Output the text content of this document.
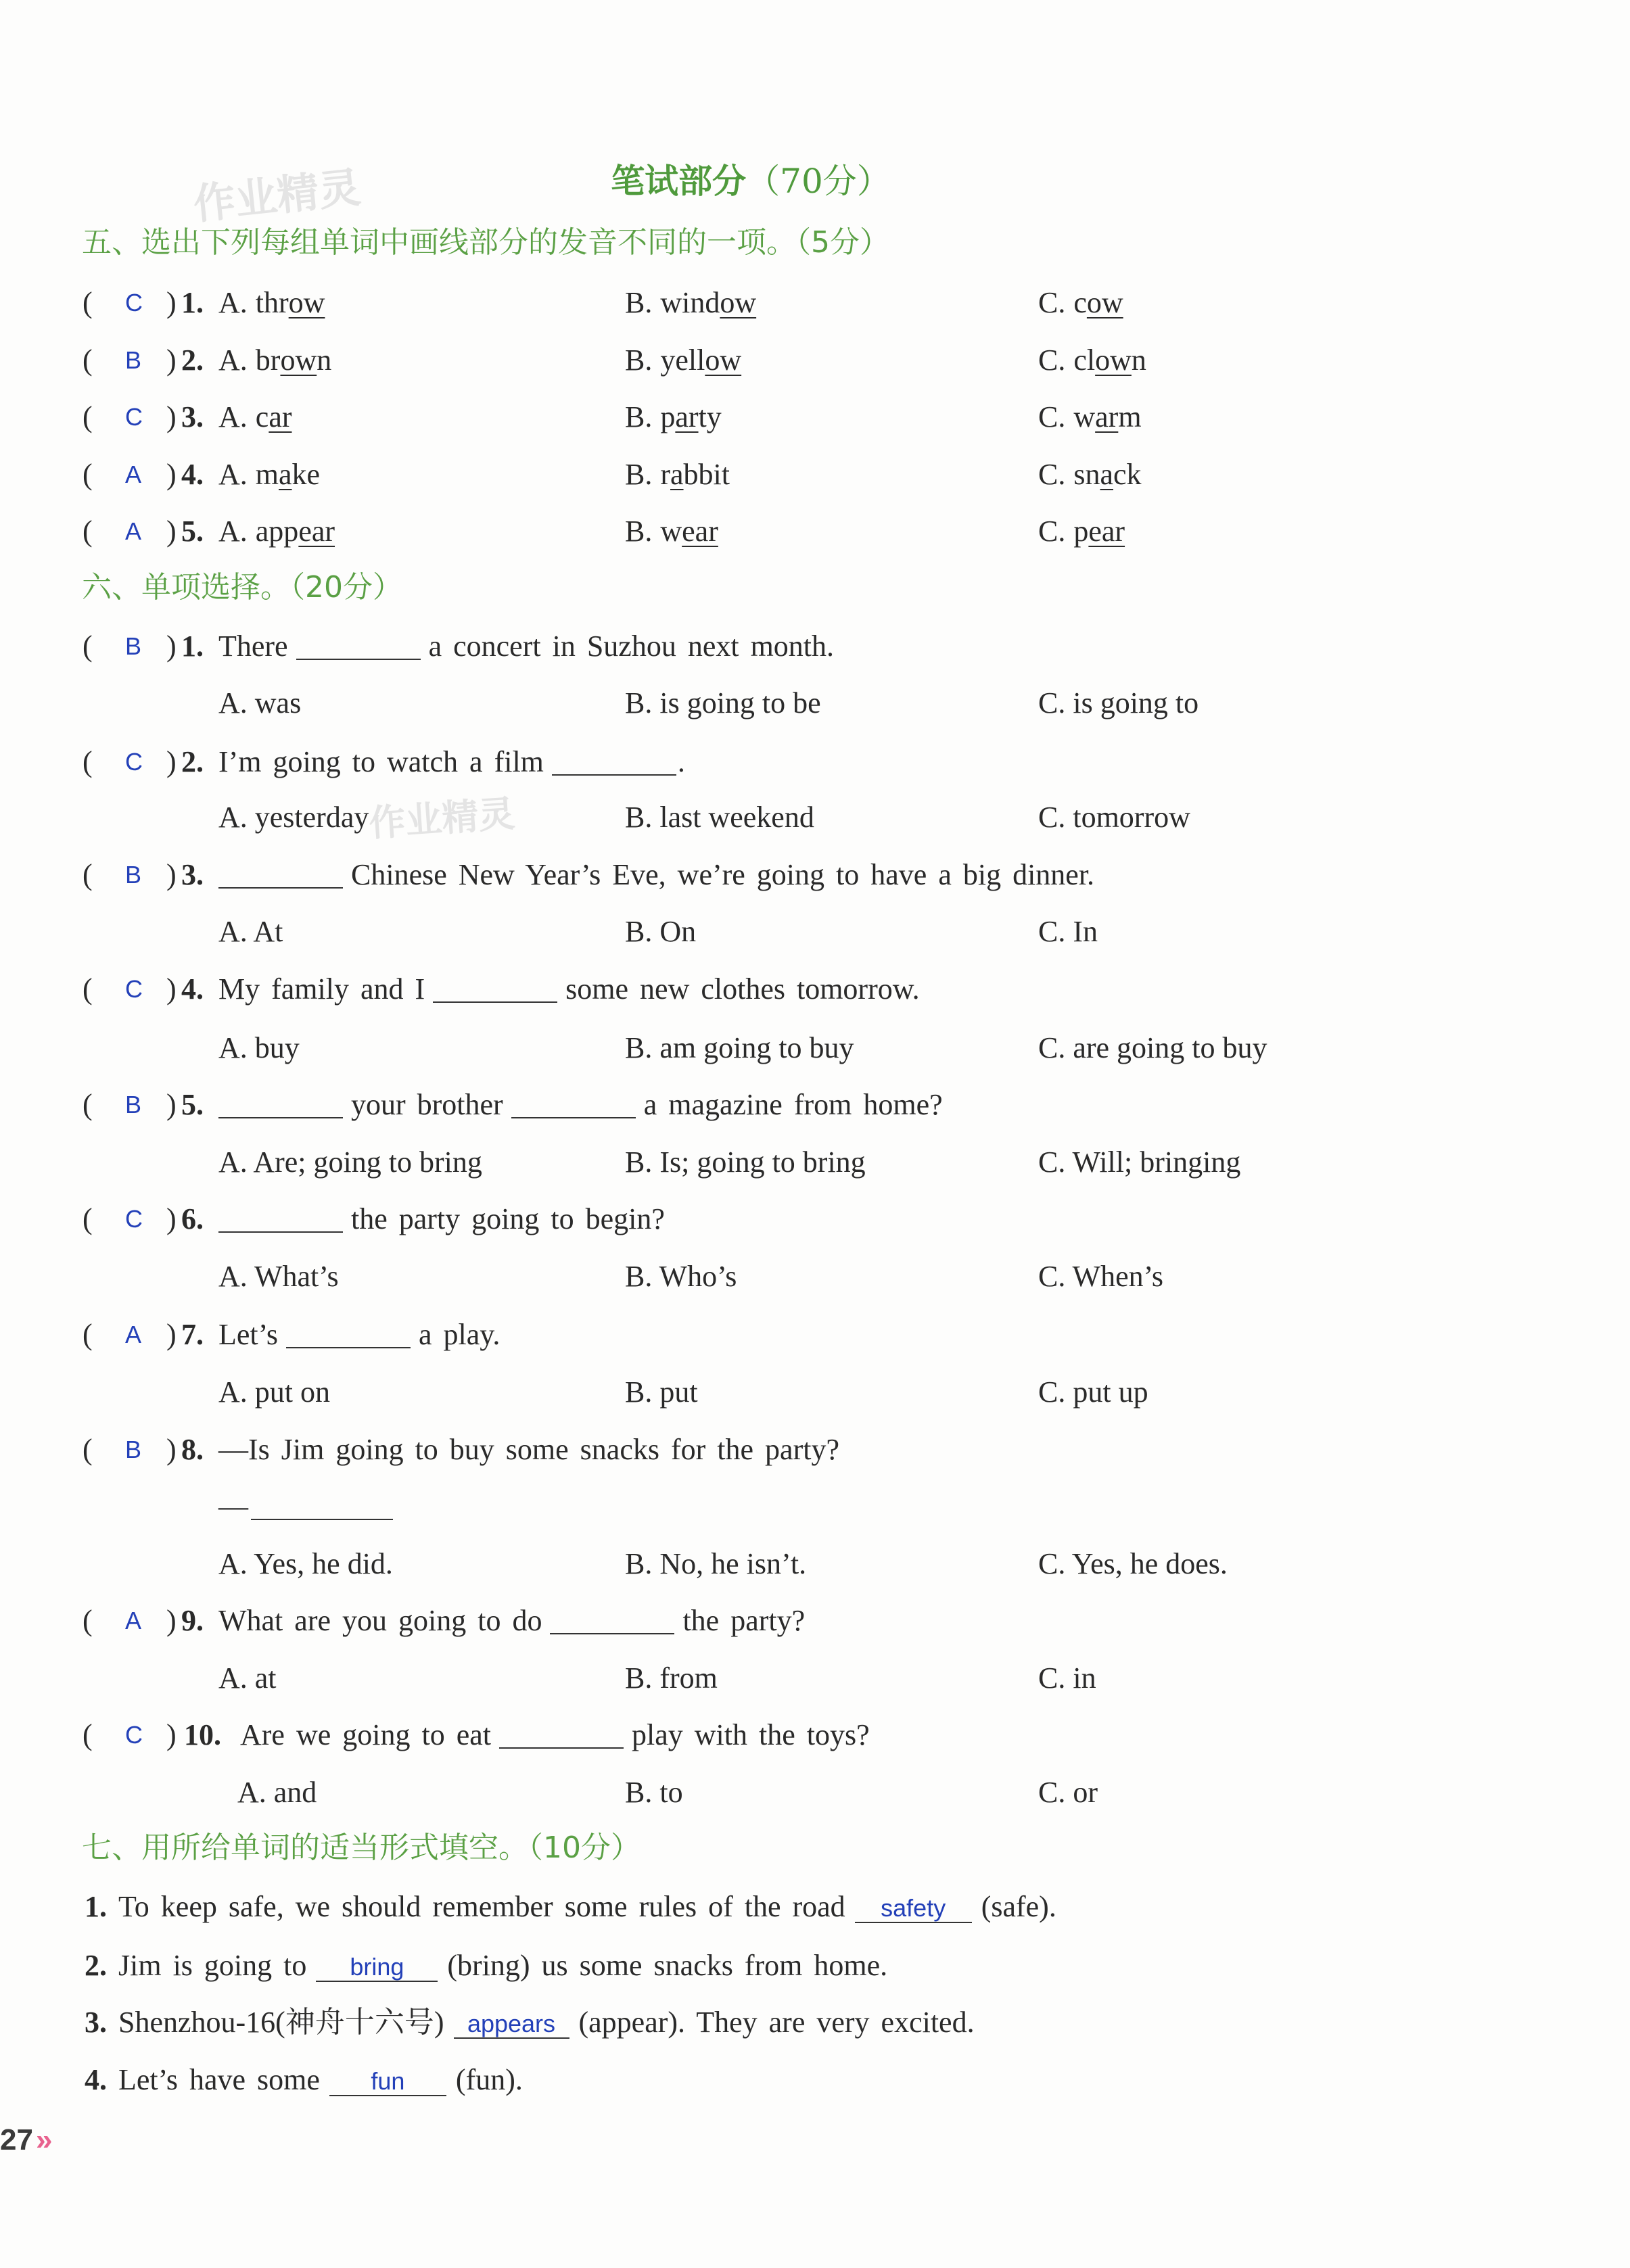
作业精灵
作业精灵
笔试部分（70分）
五、选出下列每组单词中画线部分的发音不同的一项。（5分）
( C ) 1. A. throw	B. window	C. cow
( B ) 2. A. brown	B. yellow	C. clown
( C ) 3. A. car	B. party	C. warm
( A ) 4. A. make	B. rabbit	C. snack
( A ) 5. A. appear	B. wear	C. pear
六、单项选择。（20分）
( B ) 1. There	a concert in Suzhou next month.
A. was	B. is going to be	C. is going to
( C ) 2. I’m going to watch a film	.
A. yesterday	B. last weekend	C. tomorrow
( B ) 3.	Chinese New Year’s Eve, we’re going to have a big dinner.
A. At	B. On	C. In
( C ) 4. My family and I	some new clothes tomorrow.
A. buy	B. am going to buy	C. are going to buy
( B ) 5.	your brother	a magazine from home?
A. Are; going to bring	B. Is; going to bring	C. Will; bringing
( C ) 6.	the party going to begin?
A. What’s	B. Who’s	C. When’s
( A ) 7. Let’s	a play.
A. put on	B. put	C. put up
( B ) 8. —Is Jim going to buy some snacks for the party?
—
A. Yes, he did.	B. No, he isn’t.	C. Yes, he does.
( A ) 9. What are you going to do	the party?
A. at	B. from	C. in
( C ) 10. Are we going to eat	play with the toys?
A. and	B. to	C. or
七、用所给单词的适当形式填空。（10分）
1. To keep safe, we should remember some rules of the road	safety	(safe).
2. Jim is going to	bring	(bring) us some snacks from home.
3. Shenzhou-16(神舟十六号) appears (appear). They are very excited.
4. Let’s have some	fun	(fun).
27»
